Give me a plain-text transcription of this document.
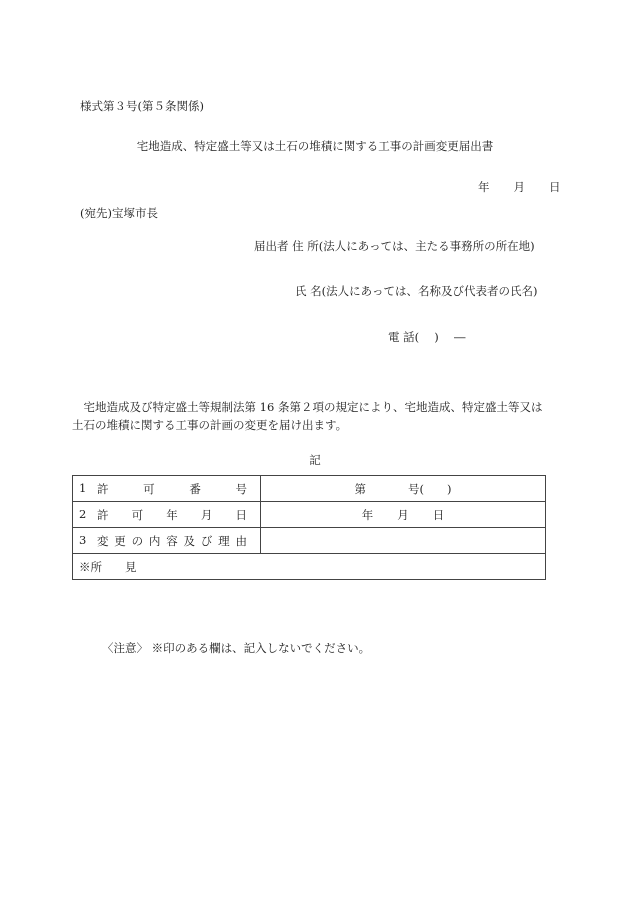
様式第３号(第５条関係)
宅地造成、特定盛土等又は土石の堆積に関する工事の計画変更届出書
年 月 日
(宛先)宝塚市長
届出者 住 所(法人にあっては、主たる事務所の所在地)
氏 名(法人にあっては、名称及び代表者の氏名)
電 話(　 )　 ―
宅地造成及び特定盛土等規制法第 16 条第２項の規定により、宅地造成、特定盛土等又は土石の堆積に関する工事の計画の変更を届け出ます。
記
1 許可番号	第 号(　　)
2 許可年月日	年 月 日
3 変更の内容及び理由	
※所　　見	
〈注意〉 ※印のある欄は、記入しないでください。
